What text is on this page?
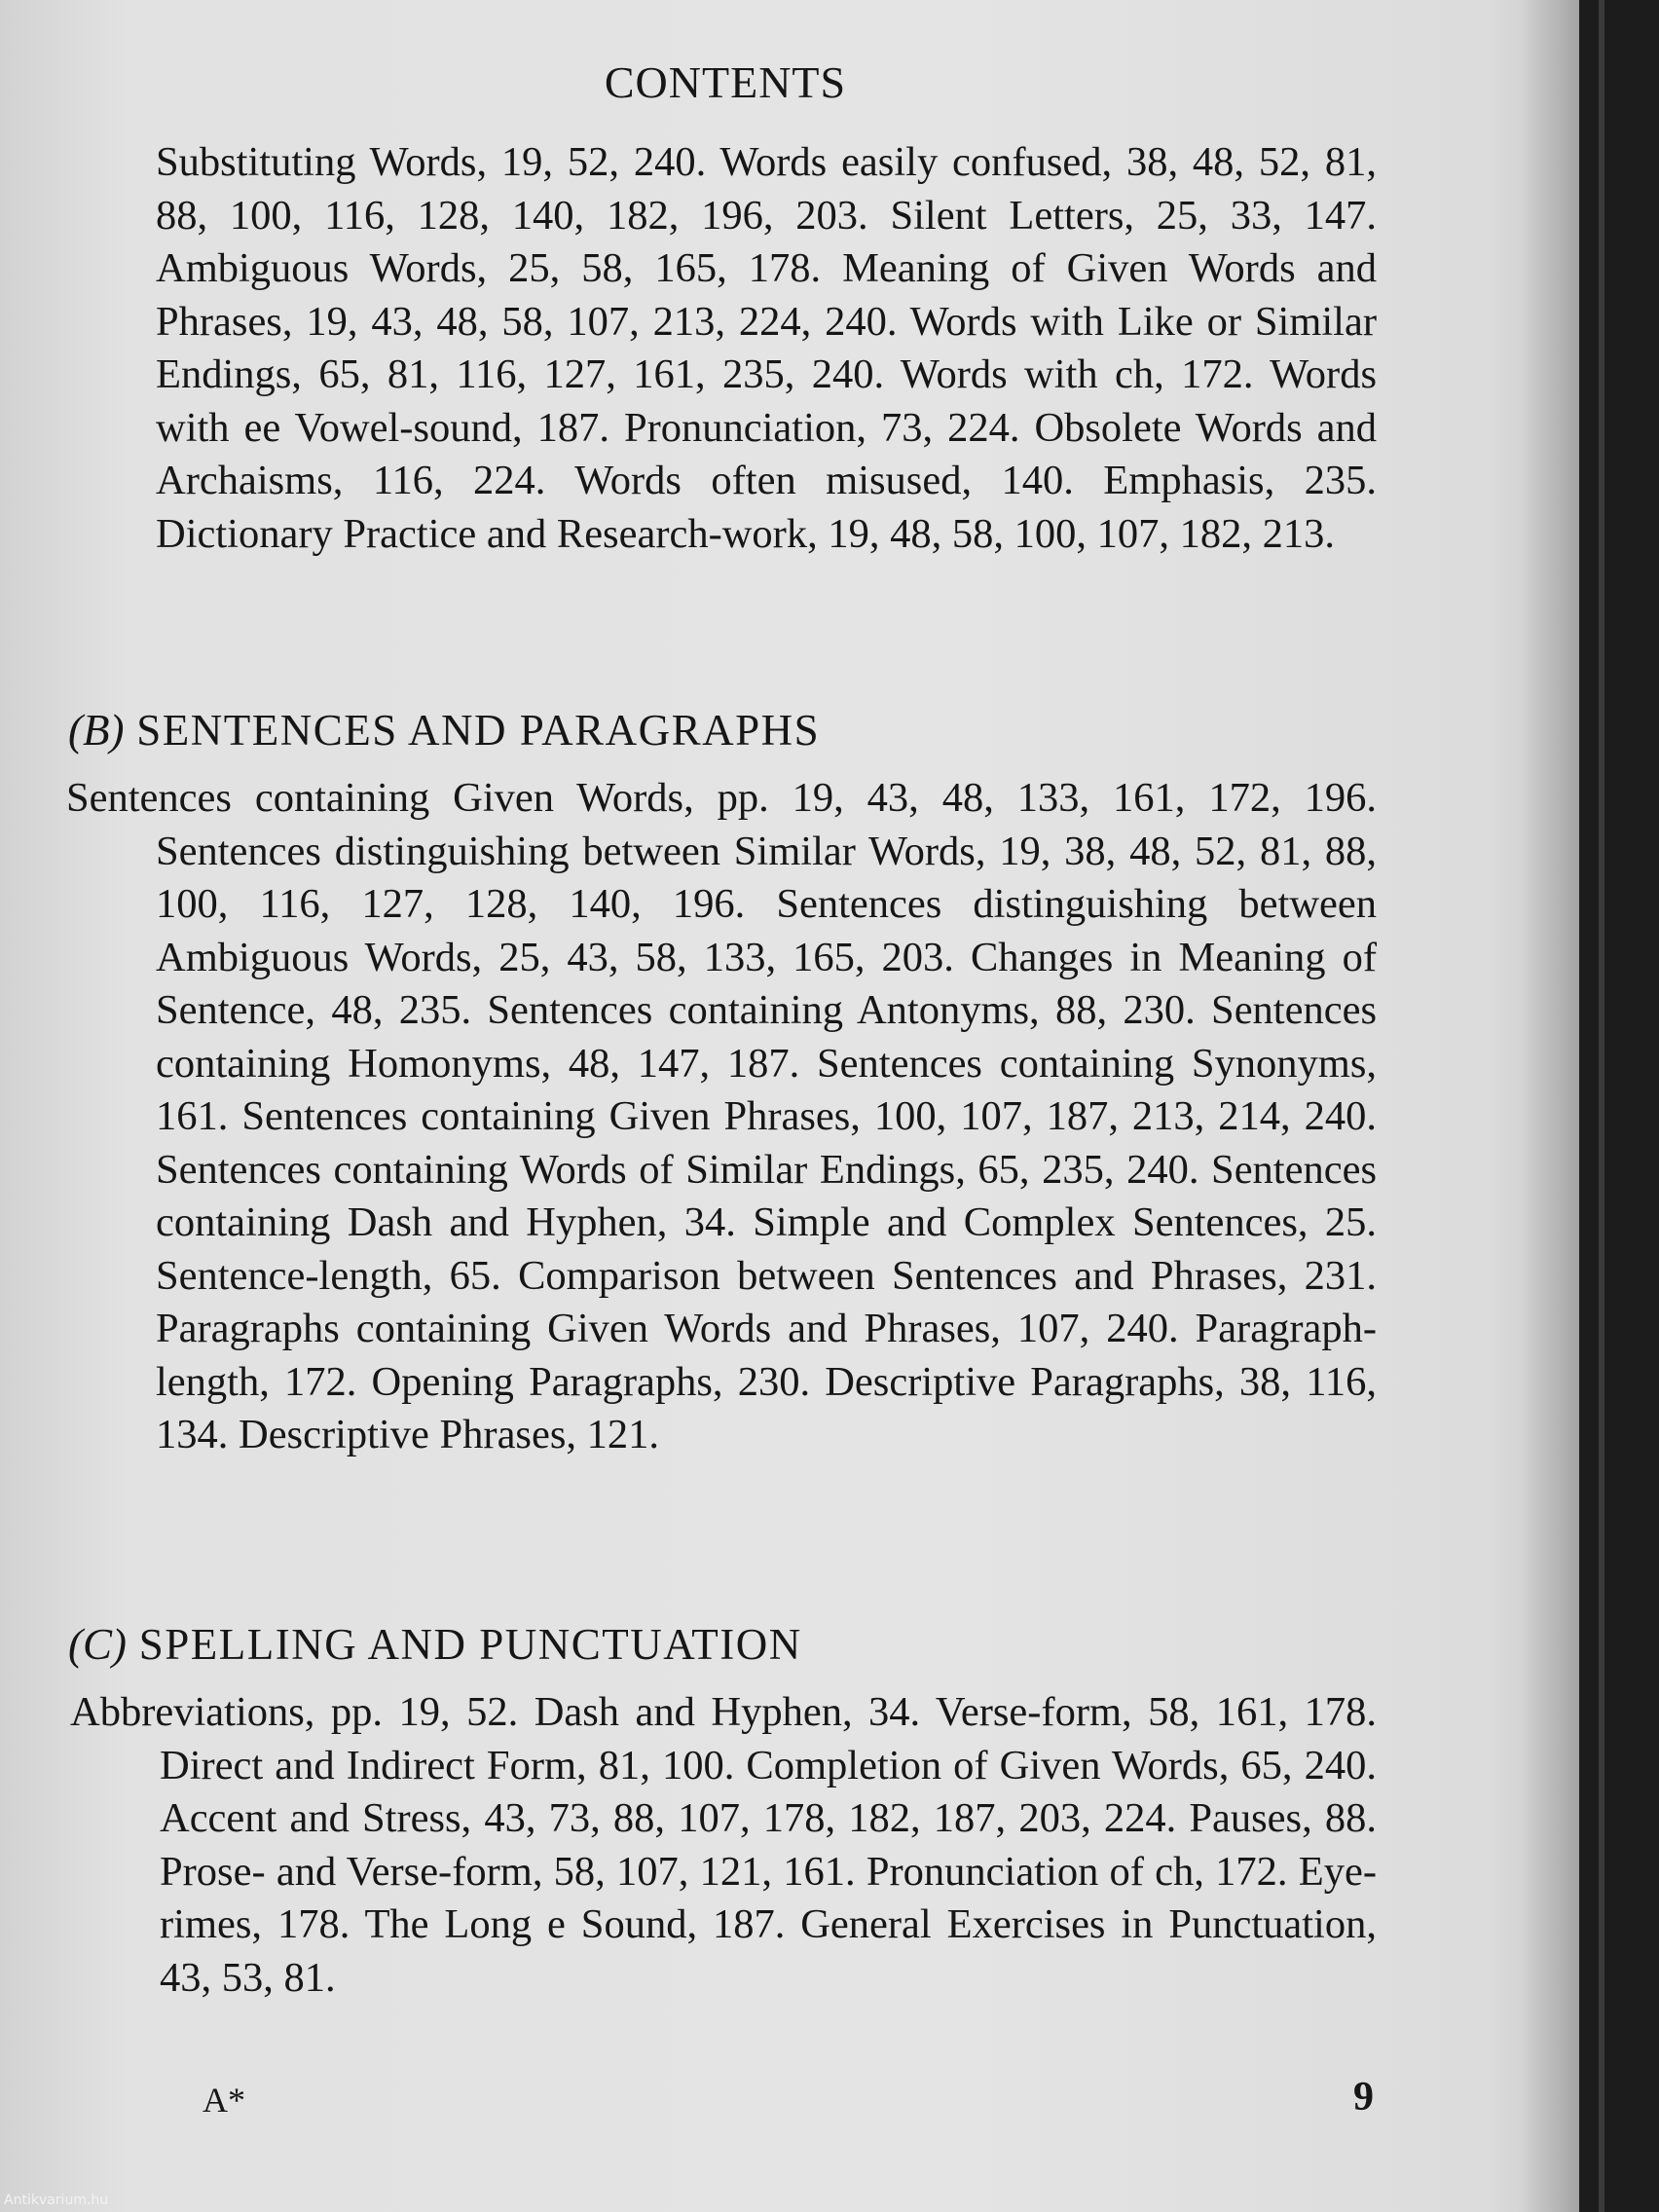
CONTENTS
Substituting Words, 19, 52, 240. Words easily confused, 38, 48, 52, 81, 88, 100, 116, 128, 140, 182, 196, 203. Silent Letters, 25, 33, 147. Ambiguous Words, 25, 58, 165, 178. Meaning of Given Words and Phrases, 19, 43, 48, 58, 107, 213, 224, 240. Words with Like or Similar Endings, 65, 81, 116, 127, 161, 235, 240. Words with ch, 172. Words with ee Vowel-sound, 187. Pronunciation, 73, 224. Obsolete Words and Archaisms, 116, 224. Words often misused, 140. Emphasis, 235. Dictionary Practice and Research-work, 19, 48, 58, 100, 107, 182, 213.
(B) SENTENCES AND PARAGRAPHS
Sentences containing Given Words, pp. 19, 43, 48, 133, 161, 172, 196. Sentences distinguishing between Similar Words, 19, 38, 48, 52, 81, 88, 100, 116, 127, 128, 140, 196. Sentences distinguishing between Ambiguous Words, 25, 43, 58, 133, 165, 203. Changes in Meaning of Sentence, 48, 235. Sentences containing Antonyms, 88, 230. Sentences containing Homonyms, 48, 147, 187. Sentences containing Synonyms, 161. Sentences containing Given Phrases, 100, 107, 187, 213, 214, 240. Sentences containing Words of Similar Endings, 65, 235, 240. Sentences containing Dash and Hyphen, 34. Simple and Complex Sentences, 25. Sentence-length, 65. Comparison between Sentences and Phrases, 231. Paragraphs containing Given Words and Phrases, 107, 240. Paragraph-length, 172. Opening Paragraphs, 230. Descriptive Paragraphs, 38, 116, 134. Descriptive Phrases, 121.
(C) SPELLING AND PUNCTUATION
Abbreviations, pp. 19, 52. Dash and Hyphen, 34. Verse-form, 58, 161, 178. Direct and Indirect Form, 81, 100. Completion of Given Words, 65, 240. Accent and Stress, 43, 73, 88, 107, 178, 182, 187, 203, 224. Pauses, 88. Prose- and Verse-form, 58, 107, 121, 161. Pronunciation of ch, 172. Eye-rimes, 178. The Long e Sound, 187. General Exercises in Punctuation, 43, 53, 81.
A*	9
Antikvarium.hu
